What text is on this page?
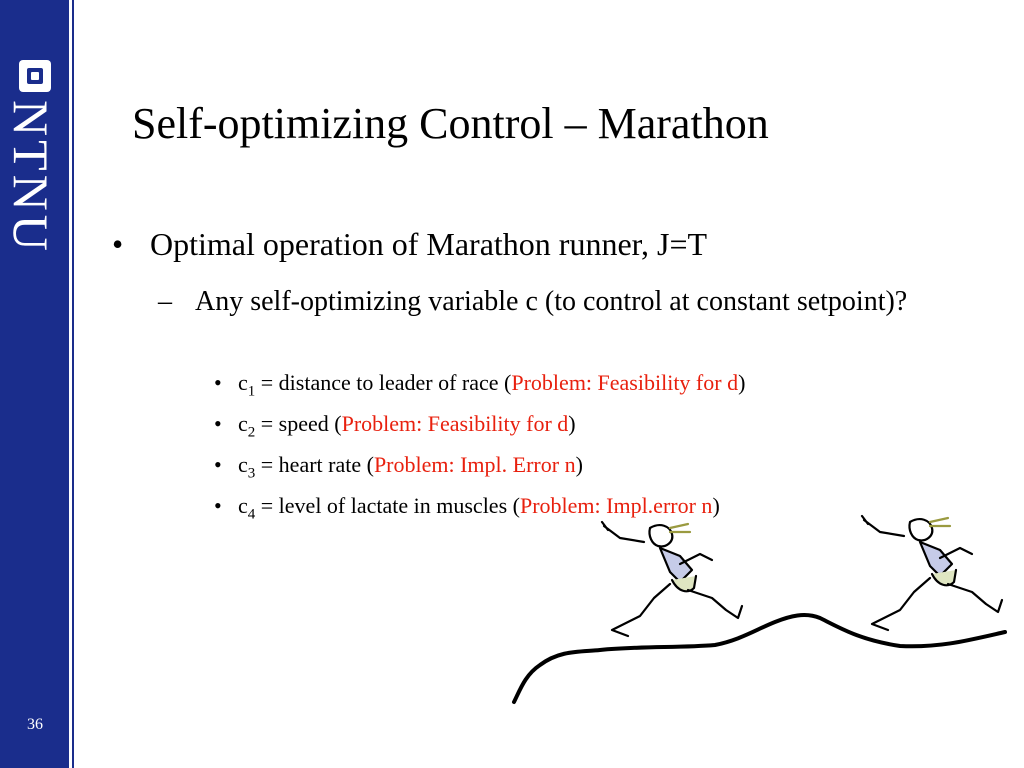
NTNU
36
Self-optimizing Control – Marathon
• Optimal operation of Marathon runner, J=T
– Any self-optimizing variable c (to control at constant setpoint)?
• $c_1$ = distance to leader of race (Problem: Feasibility for d)
• $c_2$ = speed (Problem: Feasibility for d)
• $c_3$ = heart rate (Problem: Impl. Error n)
• $c_4$ = level of lactate in muscles (Problem: Impl.error n)
